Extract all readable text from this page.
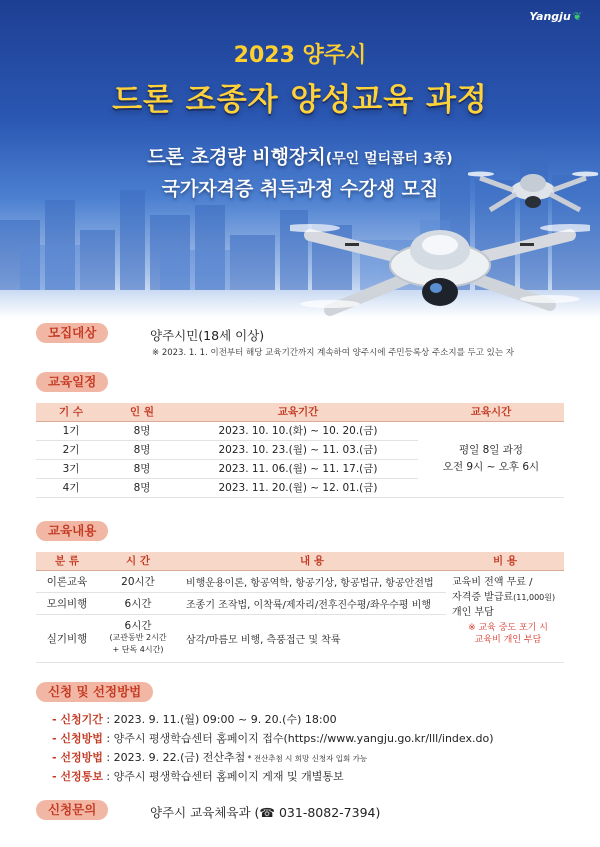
Yangju ❦
2023 양주시
드론 조종자 양성교육 과정
드론 초경량 비행장치(무인 멀티콥터 3종)
국가자격증 취득과정 수강생 모집
모집대상	양주시민(18세 이상)
※ 2023. 1. 1. 이전부터 해당 교육기간까지 계속하여 양주시에 주민등록상 주소지를 두고 있는 자
교육일정
기 수	인 원	교육기간	교육시간
1기	8명	2023. 10. 10.(화) ~ 10. 20.(금)	평일 8일 과정
오전 9시 ~ 오후 6시

2기	8명	2023. 10. 23.(월) ~ 11. 03.(금)	
3기	8명	2023. 11. 06.(월) ~ 11. 17.(금)	
4기	8명	2023. 11. 20.(월) ~ 12. 01.(금)	
교육내용
분 류	시 간	내 용	비 용
이론교육	20시간	비행운용이론, 항공역학, 항공기상, 항공법규, 항공안전법	교육비 전액 무료 /
자격증 발급료(11,000원)
개인 부담
※ 교육 중도 포기 시
교육비 개인 부담

모의비행	6시간	조종기 조작법, 이착륙/제자리/전후진수평/좌우수평 비행	
실기비행	6시간
(교관동반 2시간
+ 단독 4시간)	삼각/마름모 비행, 측풍접근 및 착륙	
신청 및 선정방법
- 신청기간 : 2023. 9. 11.(월) 09:00 ~ 9. 20.(수) 18:00
- 신청방법 : 양주시 평생학습센터 홈페이지 접수(https://www.yangju.go.kr/lll/index.do)
- 선정방법 : 2023. 9. 22.(금) 전산추첨 * 전산추첨 시 희망 신청자 입회 가능
- 선정통보 : 양주시 평생학습센터 홈페이지 게재 및 개별통보
신청문의	양주시 교육체육과 (☎ 031-8082-7394)
